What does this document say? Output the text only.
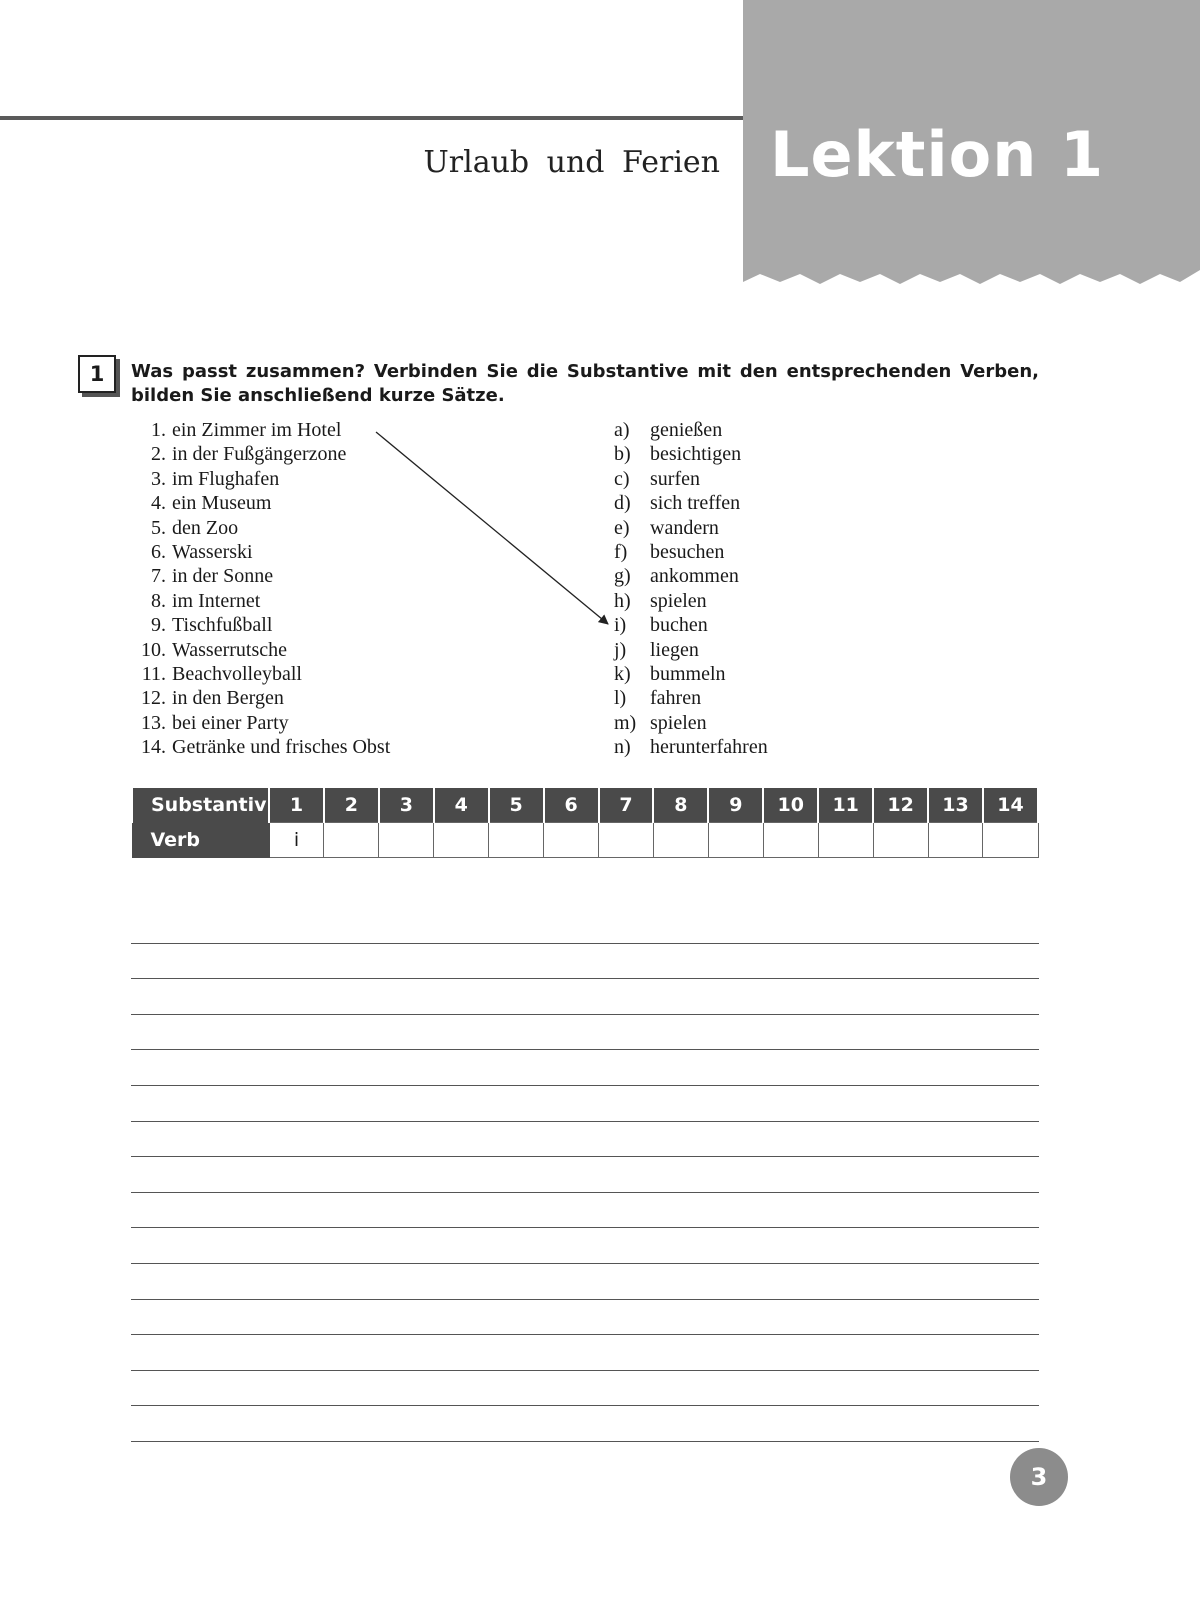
Lektion 1
Urlaub und Ferien
1	Was passt zusammen? Verbinden Sie die Substantive mit den entsprechenden Verben, bilden Sie anschließend kurze Sätze.
1. ein Zimmer im Hotel
2. in der Fußgängerzone
3. im Flughafen
4. ein Museum
5. den Zoo
6. Wasserski
7. in der Sonne
8. im Internet
9. Tischfußball
10. Wasserrutsche
11. Beachvolleyball
12. in den Bergen
13. bei einer Party
14. Getränke und frisches Obst
a) genießen
b) besichtigen
c) surfen
d) sich treffen
e) wandern
f) besuchen
g) ankommen
h) spielen
i) buchen
j) liegen
k) bummeln
l) fahren
m) spielen
n) herunterfahren
Substantiv	1	2	3	4	5	6	7	8	9	10	11	12	13	14
Verb	i													
3
